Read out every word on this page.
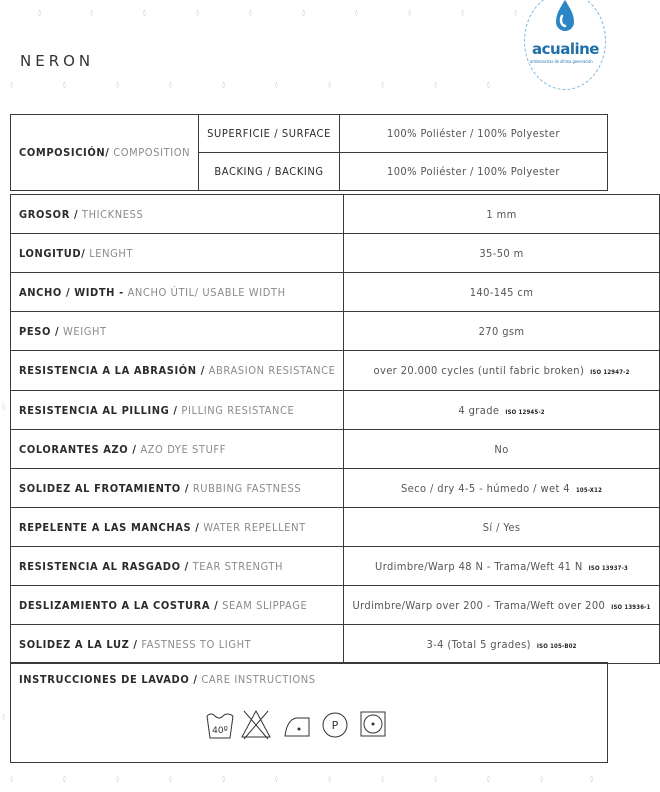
◊	◊	◊	◊	◊	◊	◊	◊	◊	◊
◊	◊	◊	◊	◊	◊	◊	◊	◊	◊
◊	◊	◊	◊	◊	◊	◊	◊	◊	◊	◊	◊
◊
◊
NERON
acualine
antimanchas de última generación
COMPOSICIÓN/ COMPOSITION	SUPERFICIE / SURFACE	100% Poliéster / 100% Polyester
	BACKING / BACKING	100% Poliéster / 100% Polyester
GROSOR / THICKNESS	1 mm
LONGITUD/ LENGHT	35-50 m
ANCHO / WIDTH - ANCHO ÚTIL/ USABLE WIDTH	140-145 cm
PESO / WEIGHT	270 gsm
RESISTENCIA A LA ABRASIÓN / ABRASION RESISTANCE	over 20.000 cycles (until fabric broken) ISO 12947-2
RESISTENCIA AL PILLING / PILLING RESISTANCE	4 grade ISO 12945-2
COLORANTES AZO / AZO DYE STUFF	No
SOLIDEZ AL FROTAMIENTO / RUBBING FASTNESS	Seco / dry 4-5 - húmedo / wet 4 105-X12
REPELENTE A LAS MANCHAS / WATER REPELLENT	Sí / Yes
RESISTENCIA AL RASGADO / TEAR STRENGTH	Urdimbre/Warp 48 N - Trama/Weft 41 N ISO 13937-3
DESLIZAMIENTO A LA COSTURA / SEAM SLIPPAGE	Urdimbre/Warp over 200 - Trama/Weft over 200 ISO 13936-1
SOLIDEZ A LA LUZ / FASTNESS TO LIGHT	3-4 (Total 5 grades) ISO 105-B02
INSTRUCCIONES DE LAVADO / CARE INSTRUCTIONS
40º	P
